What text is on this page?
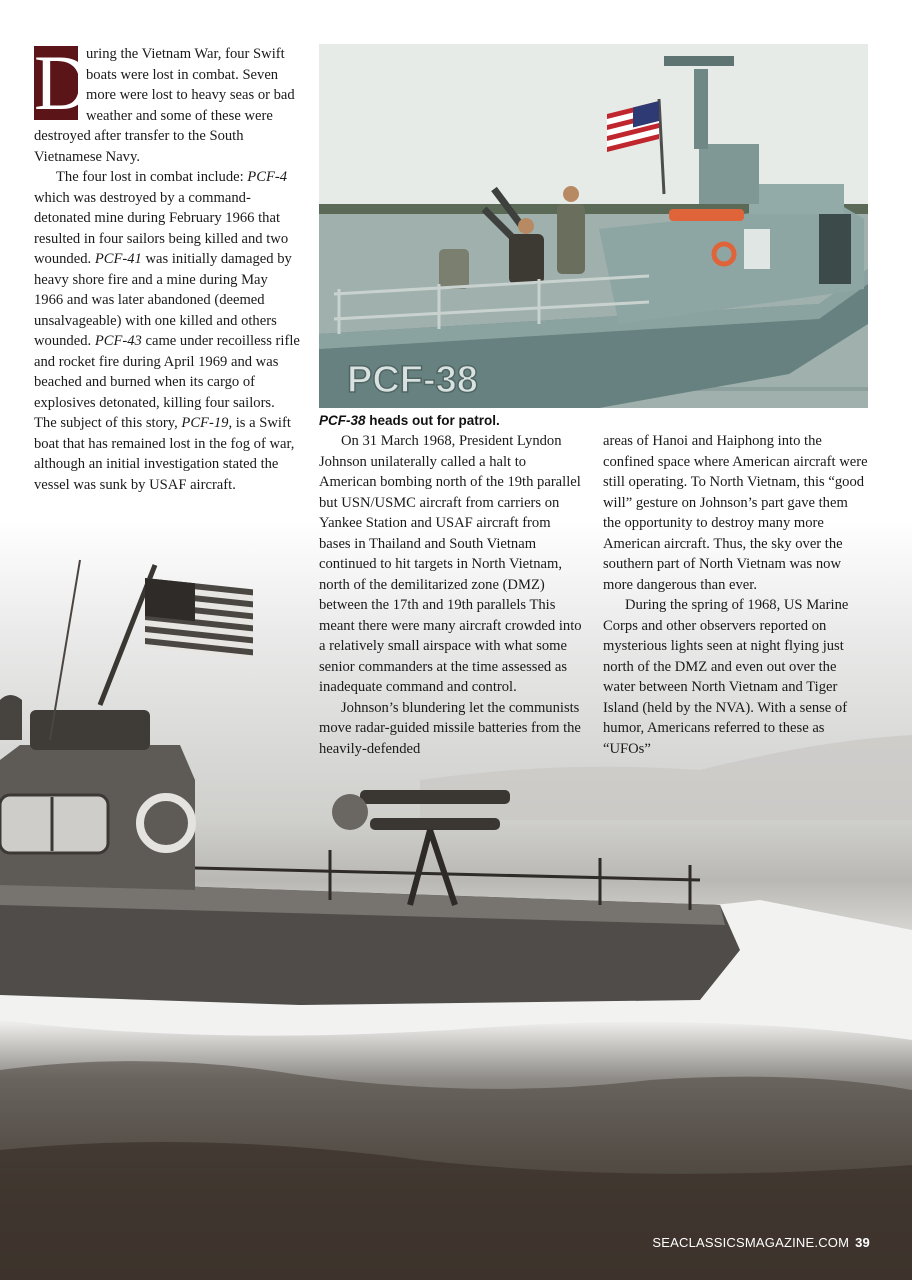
PCF-38
PCF-38 heads out for patrol.

D
uring the Vietnam War, four Swift boats were lost in combat. Seven more were lost to heavy seas or bad weather and some of these were destroyed after transfer to the South Vietnamese Navy.

The four lost in combat include: PCF-4 which was destroyed by a command-detonated mine during February 1966 that resulted in four sailors being killed and two wounded. PCF-41 was initially damaged by heavy shore fire and a mine during May 1966 and was later abandoned (deemed unsalvageable) with one killed and others wounded. PCF-43 came under recoilless rifle and rocket fire during April 1969 and was beached and burned when its cargo of explosives detonated, killing four sailors. The subject of this story, PCF-19, is a Swift boat that has remained lost in the fog of war, although an initial investigation stated the vessel was sunk by USAF aircraft.

On 31 March 1968, President Lyndon Johnson unilaterally called a halt to American bombing north of the 19th parallel but USN/USMC aircraft from carriers on Yankee Station and USAF aircraft from bases in Thailand and South Vietnam continued to hit targets in North Vietnam, north of the demilitarized zone (DMZ) between the 17th and 19th parallels This meant there were many aircraft crowded into a relatively small airspace with what some senior commanders at the time assessed as inadequate command and control.

Johnson’s blundering let the communists move radar-guided missile batteries from the heavily-defended

areas of Hanoi and Haiphong into the confined space where American aircraft were still operating. To North Vietnam, this “good will” gesture on Johnson’s part gave them the opportunity to destroy many more American aircraft. Thus, the sky over the southern part of North Vietnam was now more dangerous than ever.

During the spring of 1968, US Marine Corps and other observers reported on mysterious lights seen at night flying just north of the DMZ and even out over the water between North Vietnam and Tiger Island (held by the NVA). With a sense of humor, Americans referred to these as “UFOs”

SEACLASSICSMAGAZINE.COM 39
